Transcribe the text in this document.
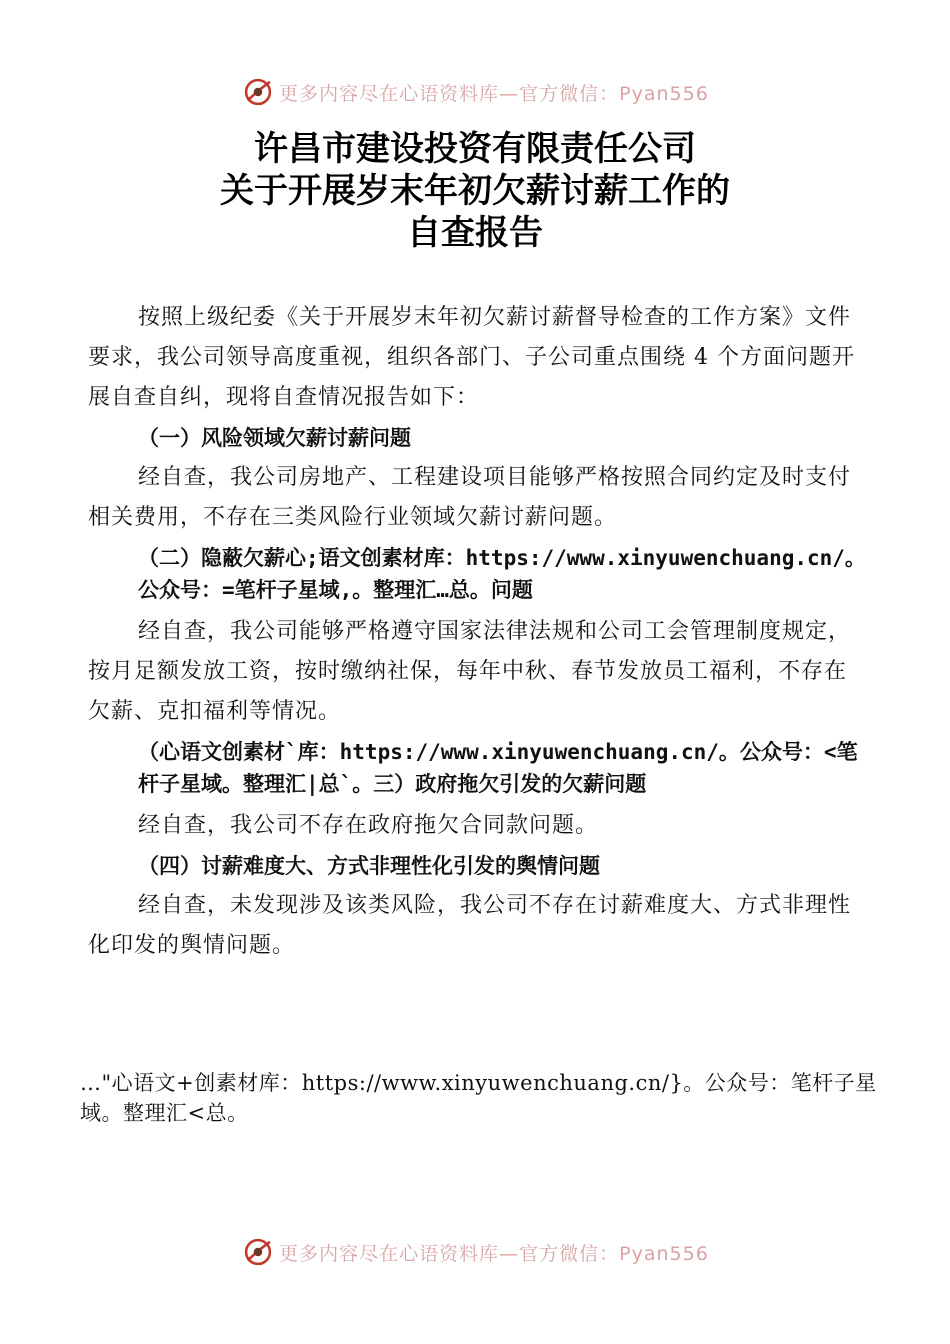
更多内容尽在心语资料库—官方微信：Pyan556
许昌市建设投资有限责任公司
关于开展岁末年初欠薪讨薪工作的
自查报告

按照上级纪委《关于开展岁末年初欠薪讨薪督导检查的工作方案》文件要求，我公司领导高度重视，组织各部门、子公司重点围绕 4 个方面问题开展自查自纠，现将自查情况报告如下：

（一）风险领域欠薪讨薪问题

经自查，我公司房地产、工程建设项目能够严格按照合同约定及时支付相关费用，不存在三类风险行业领域欠薪讨薪问题。

（二）隐蔽欠薪心;语文创素材库：https://www.xinyuwenchuang.cn/。公众号：=笔杆子星域,。整理汇…总。问题

经自查，我公司能够严格遵守国家法律法规和公司工会管理制度规定，按月足额发放工资，按时缴纳社保，每年中秋、春节发放员工福利，不存在欠薪、克扣福利等情况。

（心语文创素材`库：https://www.xinyuwenchuang.cn/。公众号：<笔杆子星域。整理汇|总`。三）政府拖欠引发的欠薪问题

经自查，我公司不存在政府拖欠合同款问题。

（四）讨薪难度大、方式非理性化引发的舆情问题

经自查，未发现涉及该类风险，我公司不存在讨薪难度大、方式非理性化印发的舆情问题。

…"心语文+创素材库：https://www.xinyuwenchuang.cn/}。公众号：笔杆子星域。整理汇<总。
更多内容尽在心语资料库—官方微信：Pyan556
